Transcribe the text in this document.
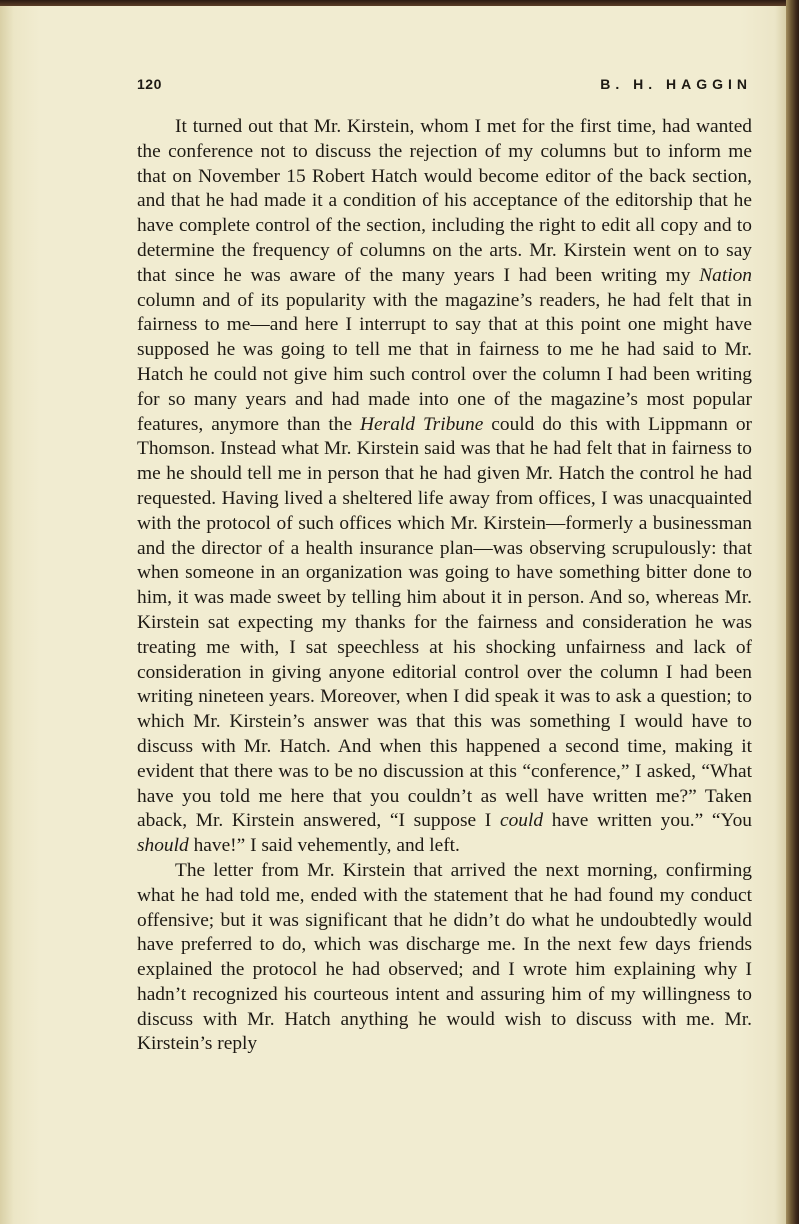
120	B. H. HAGGIN

It turned out that Mr. Kirstein, whom I met for the first time, had wanted the conference not to discuss the rejection of my columns but to inform me that on November 15 Robert Hatch would become editor of the back section, and that he had made it a condition of his acceptance of the editorship that he have complete control of the section, including the right to edit all copy and to determine the frequency of columns on the arts. Mr. Kirstein went on to say that since he was aware of the many years I had been writing my Nation column and of its popularity with the magazine’s readers, he had felt that in fairness to me—and here I interrupt to say that at this point one might have supposed he was going to tell me that in fairness to me he had said to Mr. Hatch he could not give him such control over the column I had been writing for so many years and had made into one of the magazine’s most popular features, anymore than the Herald Tribune could do this with Lippmann or Thomson. Instead what Mr. Kirstein said was that he had felt that in fairness to me he should tell me in person that he had given Mr. Hatch the control he had requested. Having lived a sheltered life away from offices, I was unacquainted with the protocol of such offices which Mr. Kirstein—formerly a businessman and the director of a health insurance plan—was observing scrupulously: that when someone in an organization was going to have something bitter done to him, it was made sweet by telling him about it in person. And so, whereas Mr. Kirstein sat expecting my thanks for the fairness and consideration he was treating me with, I sat speechless at his shocking unfairness and lack of consideration in giving anyone editorial control over the column I had been writing nineteen years. Moreover, when I did speak it was to ask a question; to which Mr. Kirstein’s answer was that this was something I would have to discuss with Mr. Hatch. And when this happened a second time, making it evident that there was to be no discussion at this “conference,” I asked, “What have you told me here that you couldn’t as well have written me?” Taken aback, Mr. Kirstein answered, “I suppose I could have written you.” “You should have!” I said vehemently, and left.

The letter from Mr. Kirstein that arrived the next morning, confirming what he had told me, ended with the statement that he had found my conduct offensive; but it was significant that he didn’t do what he undoubtedly would have preferred to do, which was discharge me. In the next few days friends explained the protocol he had observed; and I wrote him explaining why I hadn’t recognized his courteous intent and assuring him of my willingness to discuss with Mr. Hatch anything he would wish to discuss with me. Mr. Kirstein’s reply
